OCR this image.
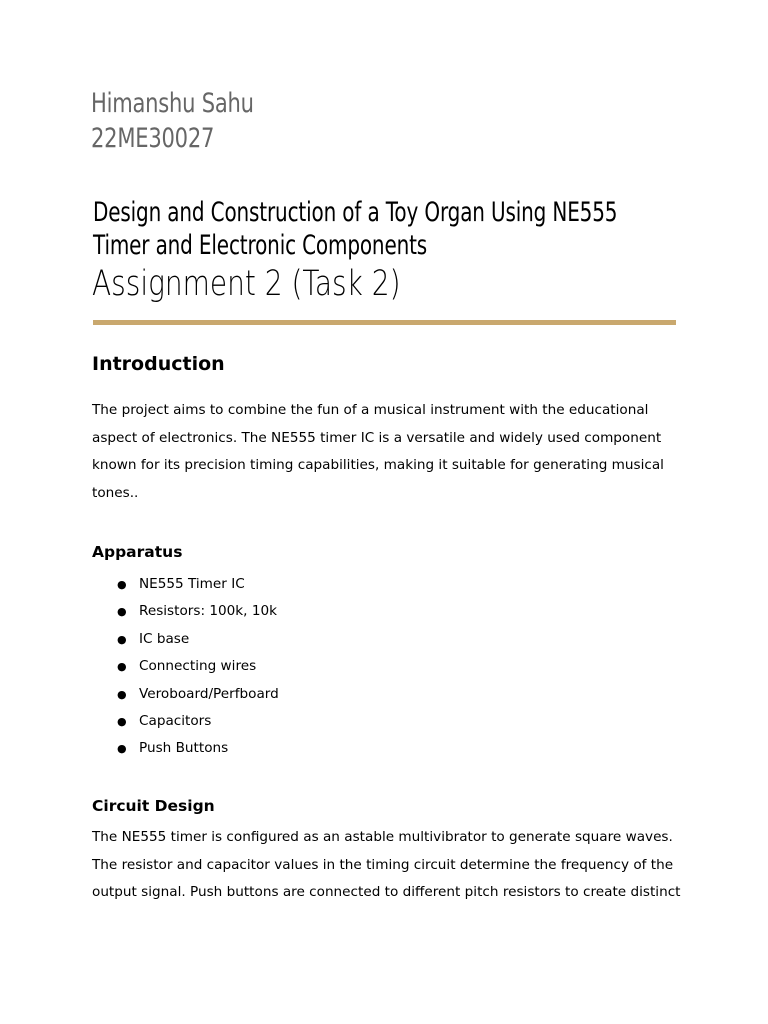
Himanshu Sahu
22ME30027
Design and Construction of a Toy Organ Using NE555
Timer and Electronic Components
Assignment 2 (Task 2)
Introduction
The project aims to combine the fun of a musical instrument with the educational
aspect of electronics. The NE555 timer IC is a versatile and widely used component
known for its precision timing capabilities, making it suitable for generating musical
tones..
Apparatus
● NE555 Timer IC
● Resistors: 100k, 10k
● IC base
● Connecting wires
● Veroboard/Perfboard
● Capacitors
● Push Buttons
Circuit Design
The NE555 timer is configured as an astable multivibrator to generate square waves.
The resistor and capacitor values in the timing circuit determine the frequency of the
output signal. Push buttons are connected to different pitch resistors to create distinct
